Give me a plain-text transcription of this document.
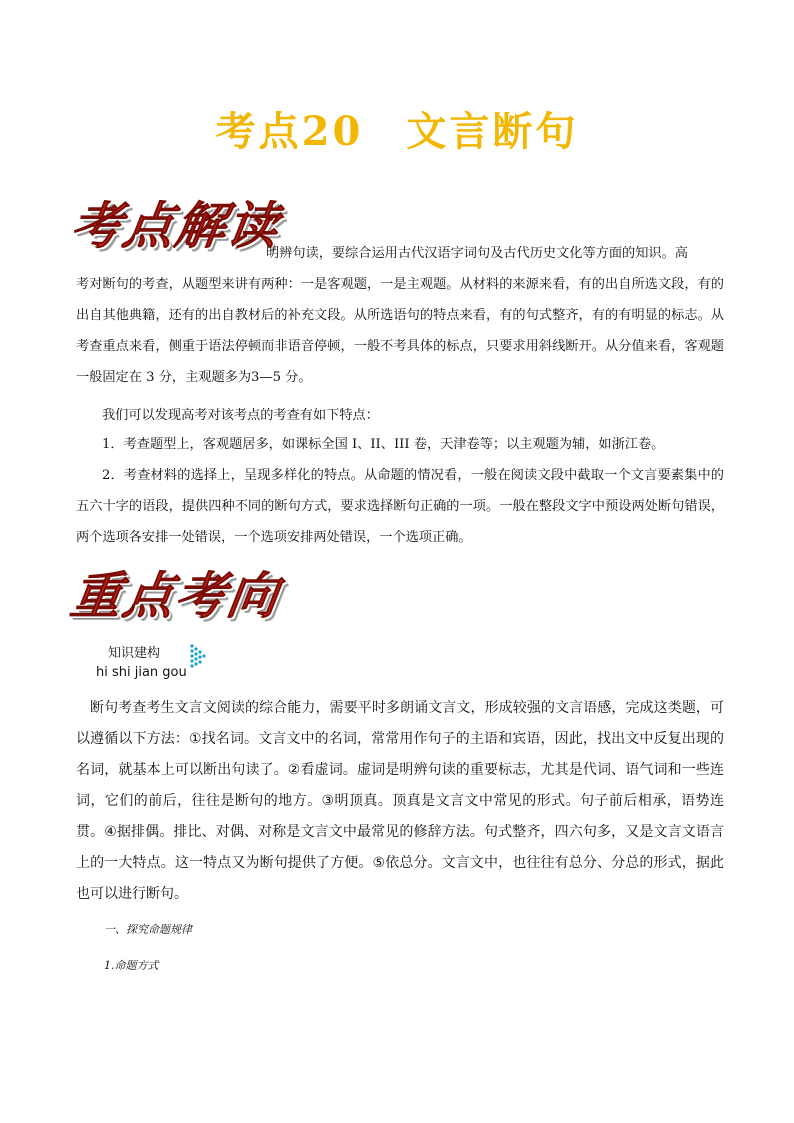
考点20　文言断句
考点解读

明辨句读，要综合运用古代汉语字词句及古代历史文化等方面的知识。高

考对断句的考查，从题型来讲有两种：一是客观题，一是主观题。从材料的来源来看，有的出自所选文段，有的出自其他典籍，还有的出自教材后的补充文段。从所选语句的特点来看，有的句式整齐，有的有明显的标志。从考查重点来看，侧重于语法停顿而非语音停顿，一般不考具体的标点，只要求用斜线断开。从分值来看，客观题一般固定在 3 分，主观题多为3—5 分。

我们可以发现高考对该考点的考查有如下特点：

1．考查题型上，客观题居多，如课标全国 I、II、III 卷，天津卷等；以主观题为辅，如浙江卷。

2．考查材料的选择上，呈现多样化的特点。从命题的情况看，一般在阅读文段中截取一个文言要素集中的五六十字的语段，提供四种不同的断句方式，要求选择断句正确的一项。一般在整段文字中预设两处断句错误，两个选项各安排一处错误，一个选项安排两处错误，一个选项正确。

重点考向
知识建构
hi shi jian gou

断句考查考生文言文阅读的综合能力，需要平时多朗诵文言文，形成较强的文言语感，完成这类题，可以遵循以下方法：①找名词。文言文中的名词，常常用作句子的主语和宾语，因此，找出文中反复出现的名词，就基本上可以断出句读了。②看虚词。虚词是明辨句读的重要标志，尤其是代词、语气词和一些连词，它们的前后，往往是断句的地方。③明顶真。顶真是文言文中常见的形式。句子前后相承，语势连贯。④据排偶。排比、对偶、对称是文言文中最常见的修辞方法。句式整齐，四六句多，又是文言文语言上的一大特点。这一特点又为断句提供了方便。⑤依总分。文言文中，也往往有总分、分总的形式，据此也可以进行断句。

一、探究命题规律
1.命题方式
